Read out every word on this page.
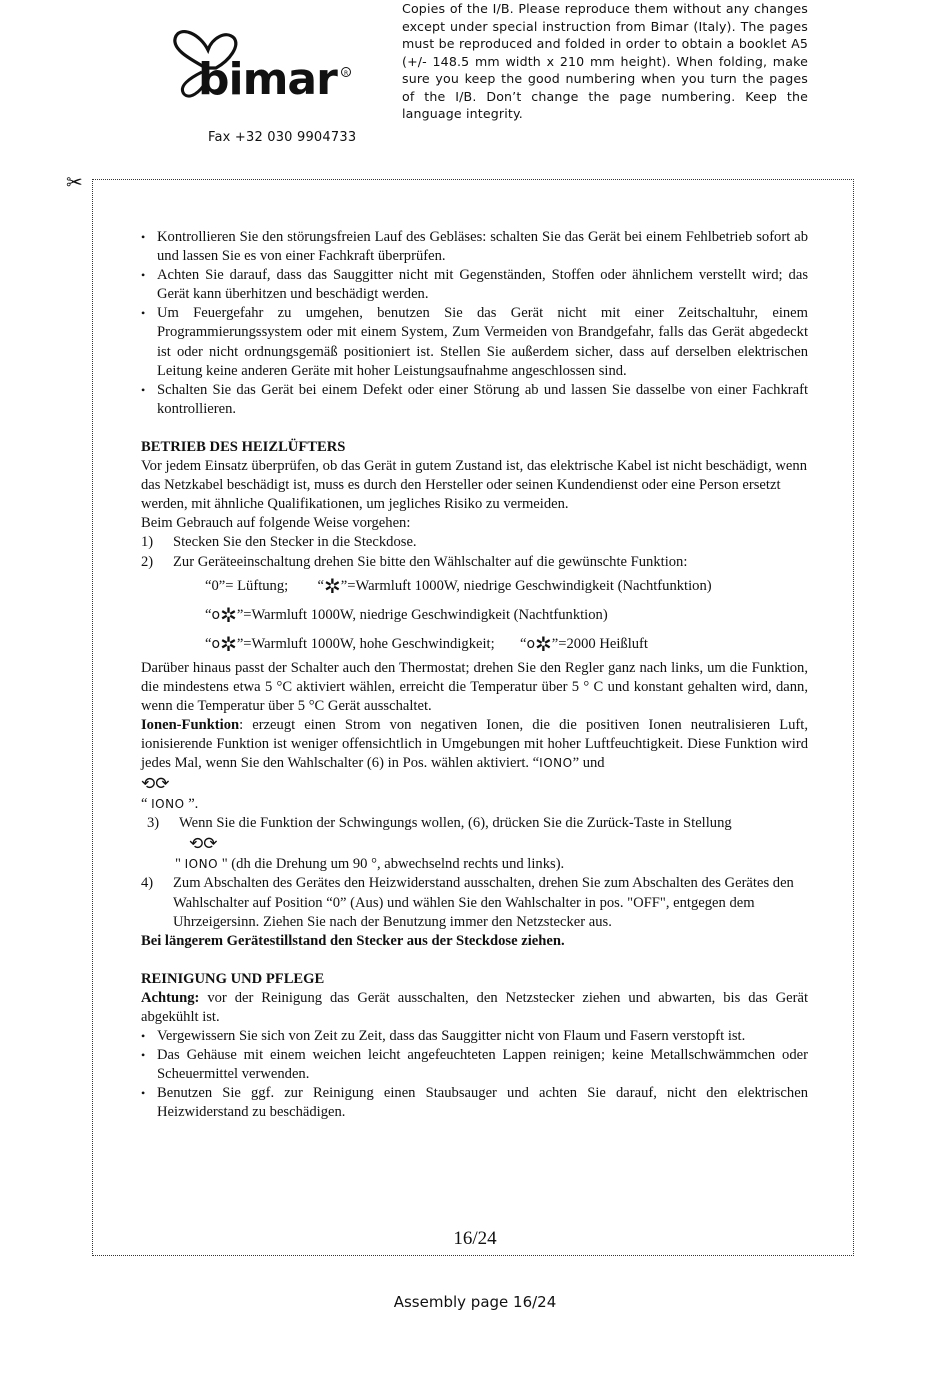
bimar R
Fax +32 030 9904733
Copies of the I/B. Please reproduce them without any changes except under special instruction from Bimar (Italy). The pages must be reproduced and folded in order to obtain a booklet A5 (+/- 148.5 mm width x 210 mm height). When folding, make sure you keep the good numbering when you turn the pages of the I/B. Don’t change the page numbering. Keep the language integrity.
✂
• Kontrollieren Sie den störungsfreien Lauf des Gebläses: schalten Sie das Gerät bei einem Fehlbetrieb sofort ab und lassen Sie es von einer Fachkraft überprüfen.
• Achten Sie darauf, dass das Sauggitter nicht mit Gegenständen, Stoffen oder ähnlichem verstellt wird; das Gerät kann überhitzen und beschädigt werden.
• Um Feuergefahr zu umgehen, benutzen Sie das Gerät nicht mit einer Zeitschaltuhr, einem Programmierungssystem oder mit einem System, Zum Vermeiden von Brandgefahr, falls das Gerät abgedeckt ist oder nicht ordnungsgemäß positioniert ist. Stellen Sie außerdem sicher, dass auf derselben elektrischen Leitung keine anderen Geräte mit hoher Leistungsaufnahme angeschlossen sind.
• Schalten Sie das Gerät bei einem Defekt oder einer Störung ab und lassen Sie dasselbe von einer Fachkraft kontrollieren.
BETRIEB DES HEIZLÜFTERS
Vor jedem Einsatz überprüfen, ob das Gerät in gutem Zustand ist, das elektrische Kabel ist nicht beschädigt, wenn das Netzkabel beschädigt ist, muss es durch den Hersteller oder seinen Kundendienst oder eine Person ersetzt werden, mit ähnliche Qualifikationen, um jegliches Risiko zu vermeiden.
Beim Gebrauch auf folgende Weise vorgehen:
1) Stecken Sie den Stecker in die Steckdose.
2) Zur Geräteeinschaltung drehen Sie bitte den Wählschalter auf die gewünschte Funktion:
“0”= Lüftung; “✲”=Warmluft 1000W, niedrige Geschwindigkeit (Nachtfunktion)
“o✲”=Warmluft 1000W, niedrige Geschwindigkeit (Nachtfunktion)
“o✲”=Warmluft 1000W, hohe Geschwindigkeit; “o✲”=2000 Heißluft
Darüber hinaus passt der Schalter auch den Thermostat; drehen Sie den Regler ganz nach links, um die Funktion, die mindestens etwa 5 °C aktiviert wählen, erreicht die Temperatur über 5 ° C und konstant gehalten wird, dann, wenn die Temperatur über 5 °C Gerät ausschaltet.
Ionen-Funktion: erzeugt einen Strom von negativen Ionen, die die positiven Ionen neutralisieren Luft, ionisierende Funktion ist weniger offensichtlich in Umgebungen mit hoher Luftfeuchtigkeit. Diese Funktion wird jedes Mal, wenn Sie den Wahlschalter (6) in Pos. wählen aktiviert. “IONO” und
⟲⟳
“ IONO ”.
3) Wenn Sie die Funktion der Schwingungs wollen, (6), drücken Sie die Zurück-Taste in Stellung
⟲⟳
" IONO " (dh die Drehung um 90 °, abwechselnd rechts und links).
4) Zum Abschalten des Gerätes den Heizwiderstand ausschalten, drehen Sie zum Abschalten des Gerätes den Wahlschalter auf Position “0” (Aus) und wählen Sie den Wahlschalter in pos. "OFF", entgegen dem Uhrzeigersinn. Ziehen Sie nach der Benutzung immer den Netzstecker aus.
Bei längerem Gerätestillstand den Stecker aus der Steckdose ziehen.
REINIGUNG UND PFLEGE
Achtung: vor der Reinigung das Gerät ausschalten, den Netzstecker ziehen und abwarten, bis das Gerät abgekühlt ist.
• Vergewissern Sie sich von Zeit zu Zeit, dass das Sauggitter nicht von Flaum und Fasern verstopft ist.
• Das Gehäuse mit einem weichen leicht angefeuchteten Lappen reinigen; keine Metallschwämmchen oder Scheuermittel verwenden.
• Benutzen Sie ggf. zur Reinigung einen Staubsauger und achten Sie darauf, nicht den elektrischen Heizwiderstand zu beschädigen.
16/24
Assembly page 16/24
